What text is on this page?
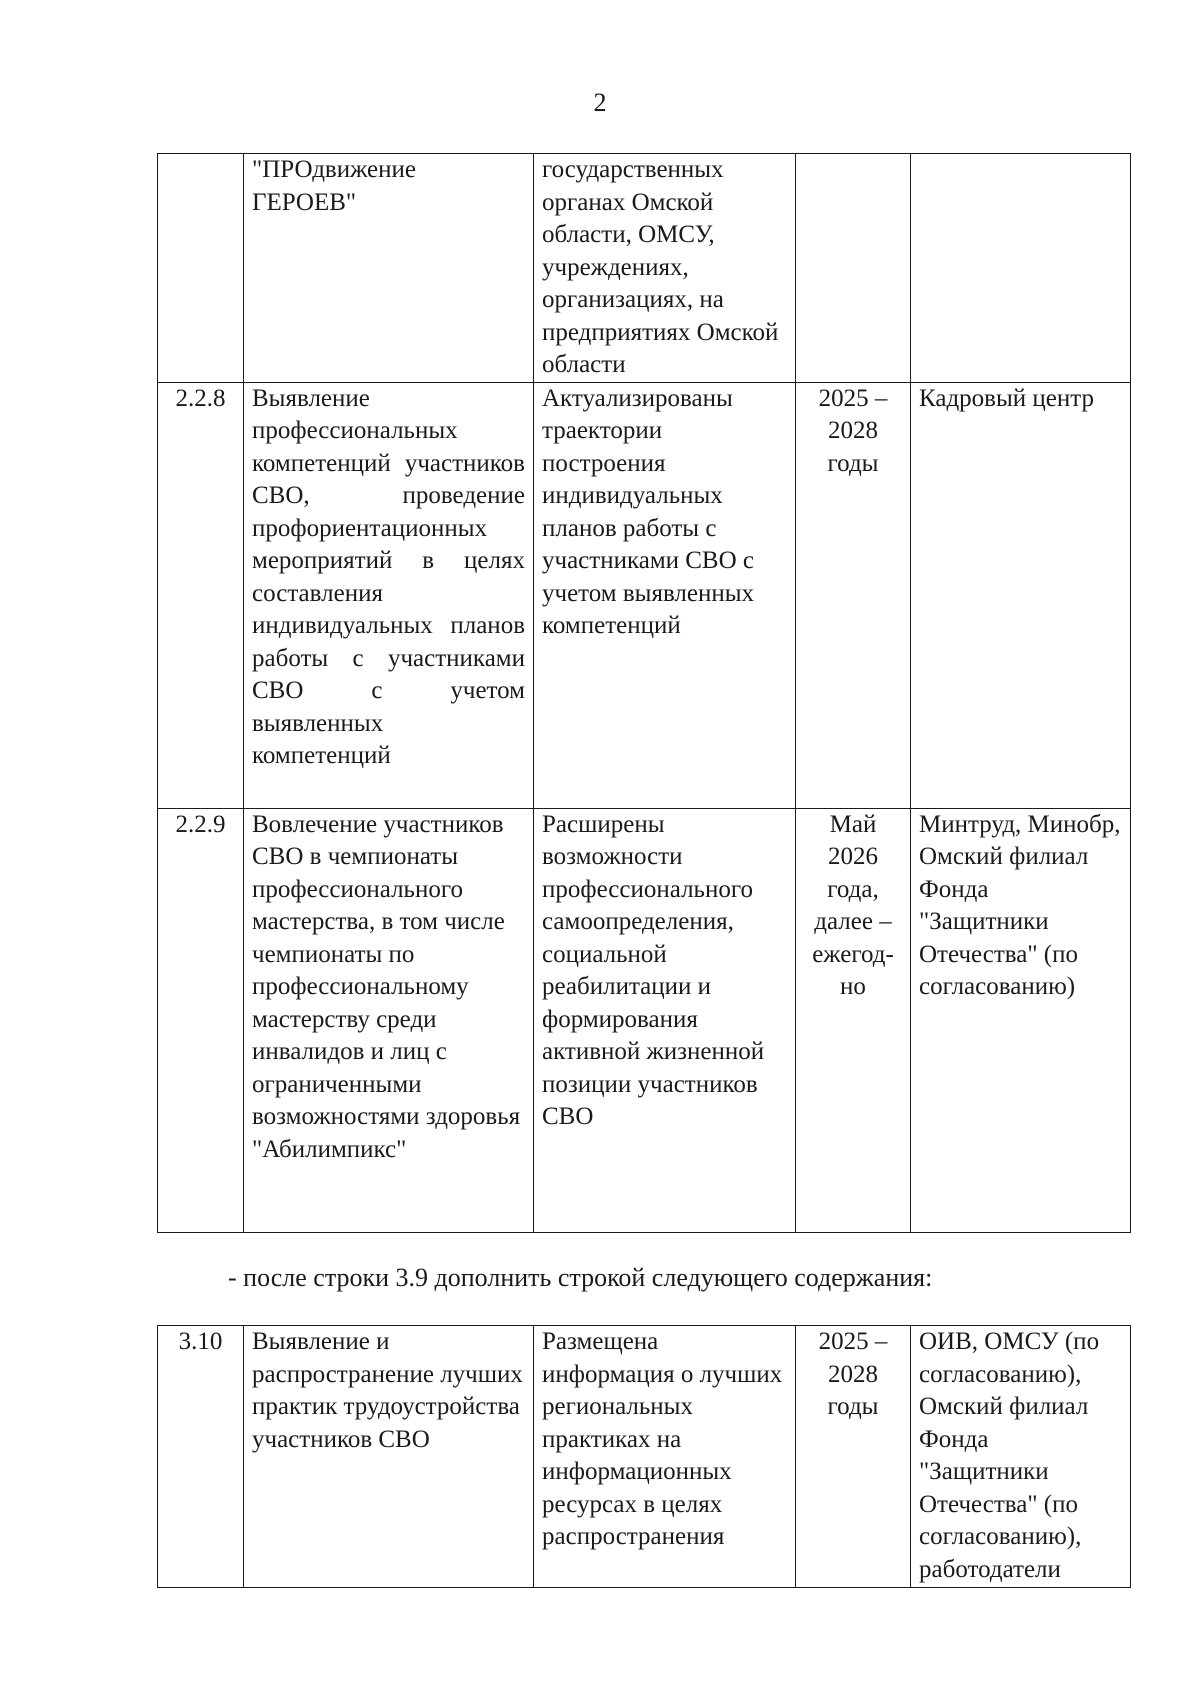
2
	"ПРОдвижение ГЕРОЕВ"	государственных органах Омской области, ОМСУ, учреждениях, организациях, на предприятиях Омской области		
2.2.8	Выявление профессиональных компетенций участников СВО, проведение профориентационных мероприятий в целях составления индивидуальных планов работы с участниками СВО с учетом выявленных компетенций	Актуализированы траектории построения индивидуальных планов работы с участниками СВО с учетом выявленных компетенций	2025 – 2028 годы	Кадровый центр
2.2.9	Вовлечение участников СВО в чемпионаты профессионального мастерства, в том числе чемпионаты по профессиональному мастерству среди инвалидов и лиц с ограниченными возможностями здоровья "Абилимпикс"	Расширены возможности профессионального самоопределения, социальной реабилитации и формирования активной жизненной позиции участников СВО	Май 2026 года, далее – ежегодно	Минтруд, Минобр, Омский филиал Фонда "Защитники Отечества" (по согласованию)
- после строки 3.9 дополнить строкой следующего содержания:
3.10	Выявление и распространение лучших практик трудоустройства участников СВО	Размещена информация о лучших региональных практиках на информационных ресурсах в целях распространения	2025 – 2028 годы	ОИВ, ОМСУ (по согласованию), Омский филиал Фонда "Защитники Отечества" (по согласованию), работодатели
